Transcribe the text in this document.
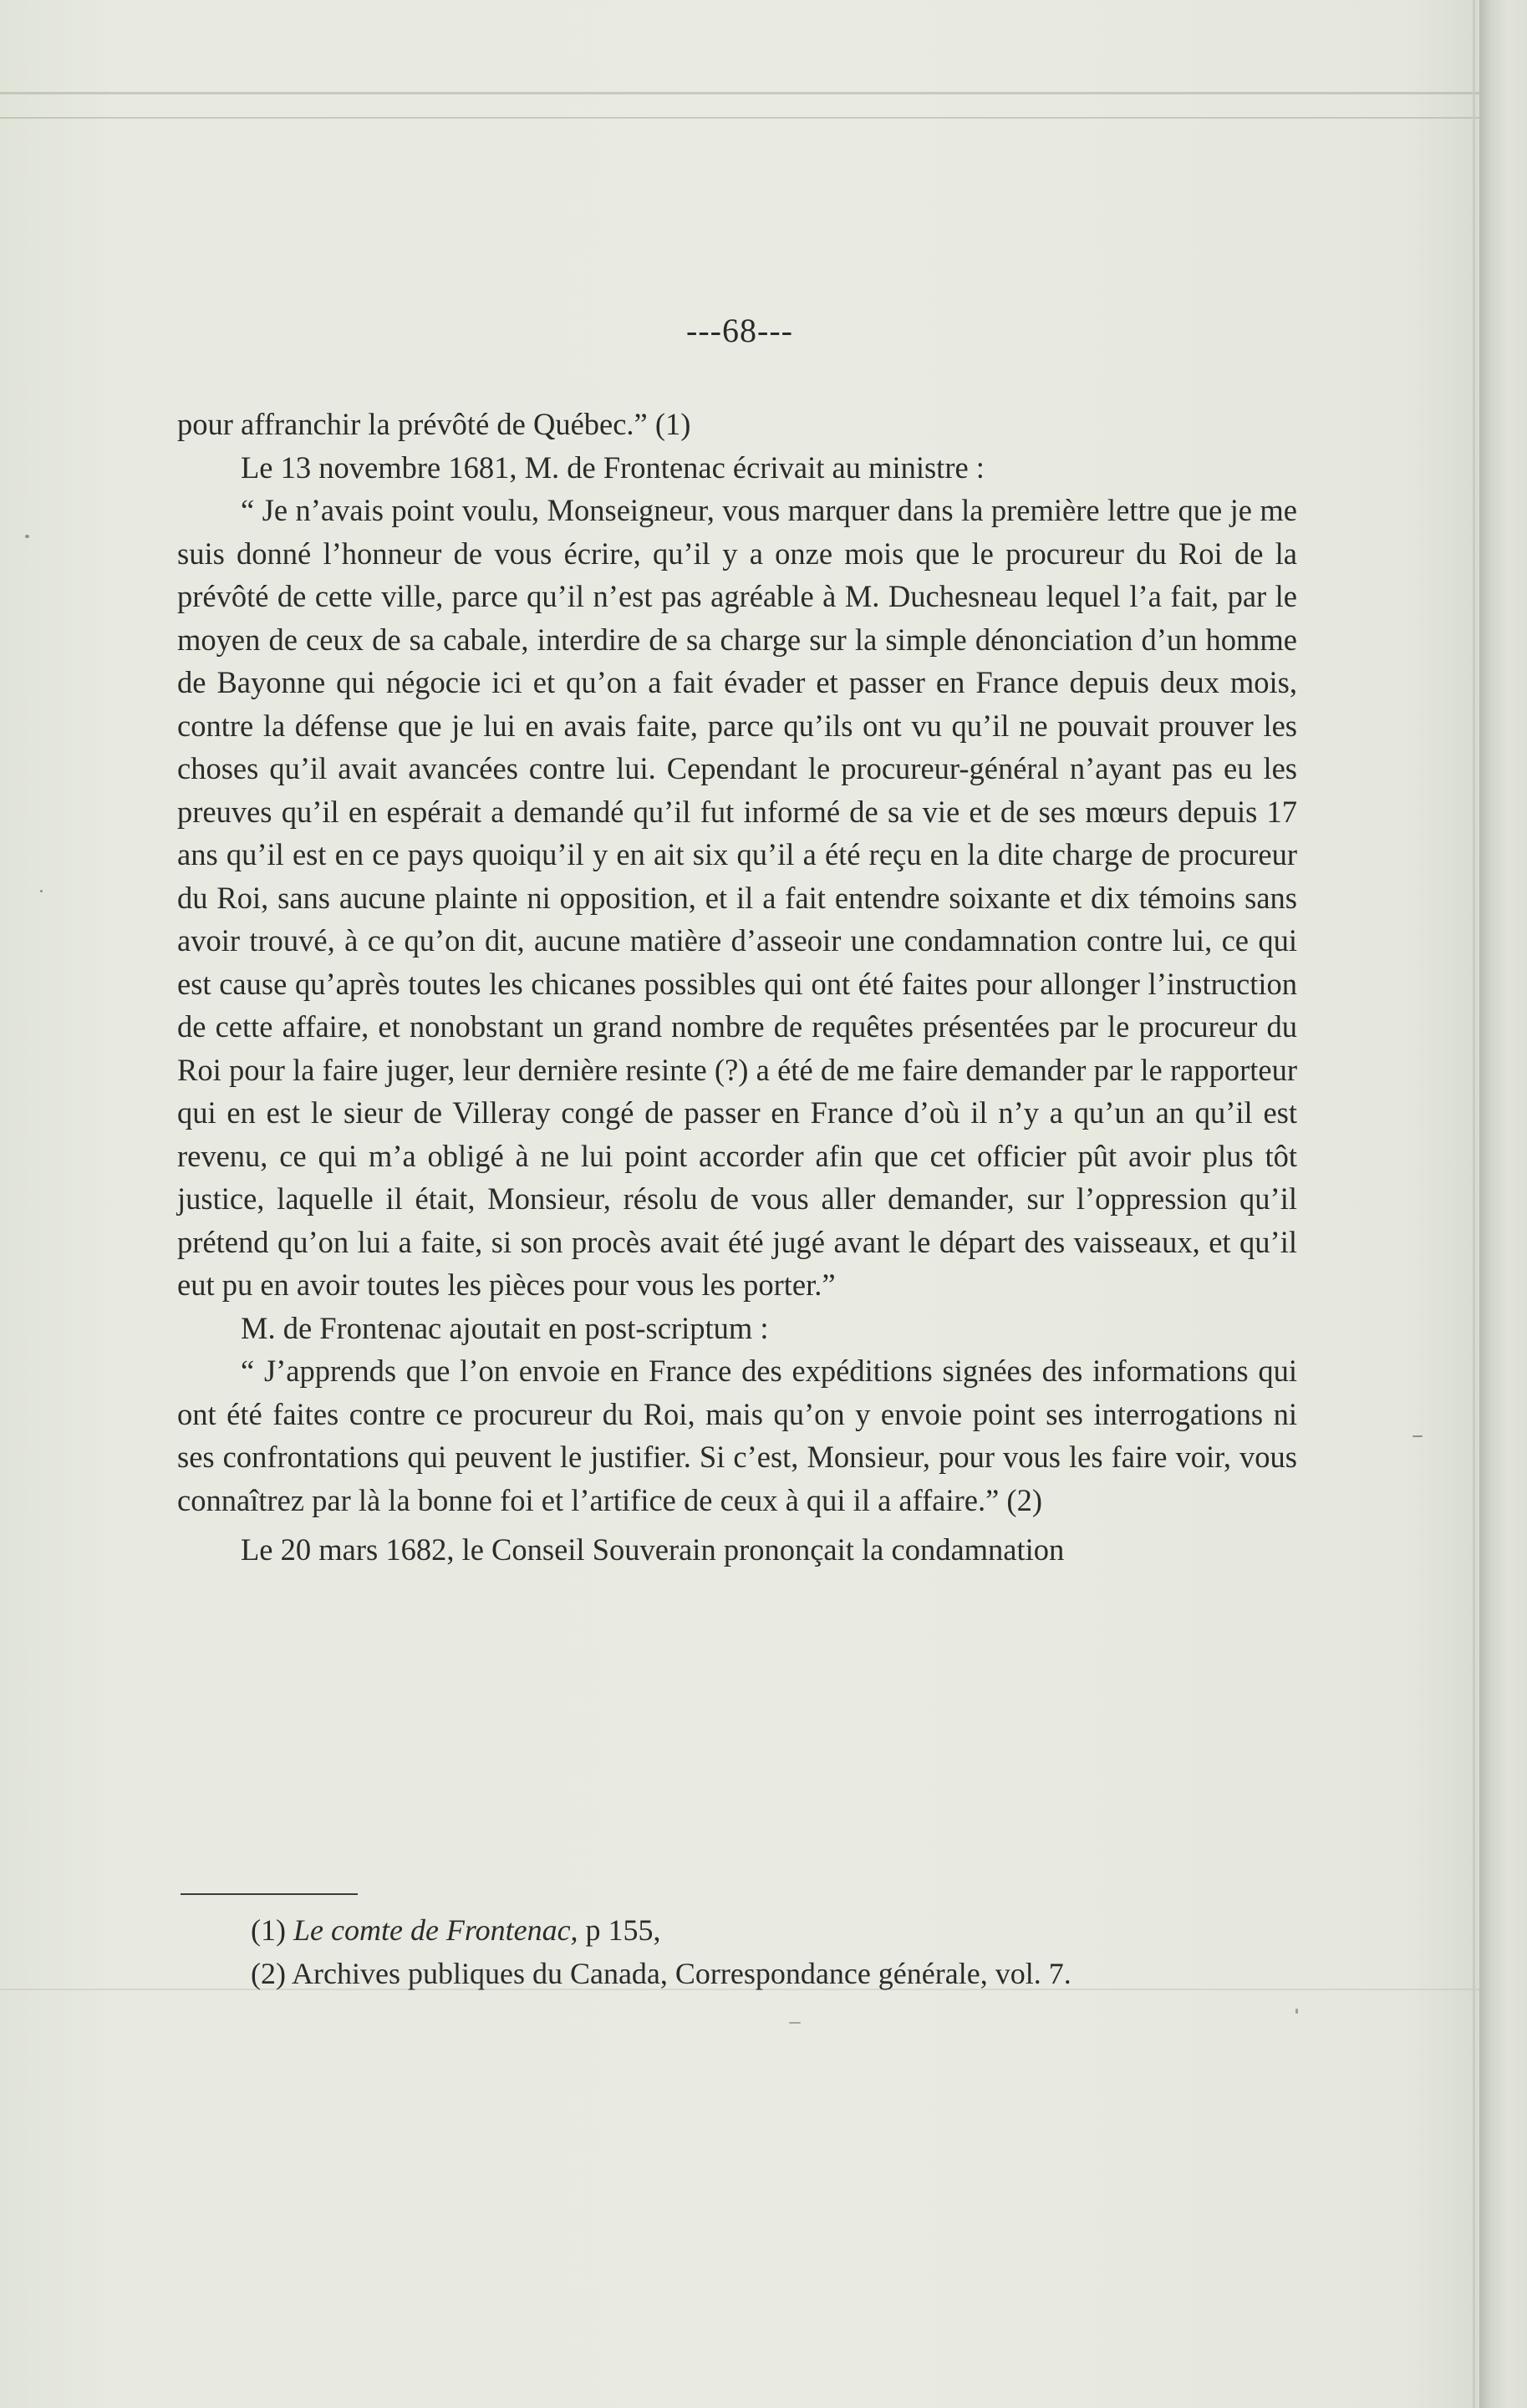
---68---

pour affranchir la prévôté de Québec.” (1)

Le 13 novembre 1681, M. de Frontenac écrivait au ministre :

“ Je n’avais point voulu, Monseigneur, vous marquer dans la première lettre que je me suis donné l’honneur de vous écrire, qu’il y a onze mois que le procureur du Roi de la prévôté de cette ville, parce qu’il n’est pas agréable à M. Duchesneau lequel l’a fait, par le moyen de ceux de sa cabale, interdire de sa charge sur la simple dénonciation d’un homme de Bayonne qui négocie ici et qu’on a fait évader et passer en France depuis deux mois, contre la défense que je lui en avais faite, parce qu’ils ont vu qu’il ne pouvait prouver les choses qu’il avait avancées contre lui. Cependant le procureur-général n’ayant pas eu les preuves qu’il en espérait a demandé qu’il fut informé de sa vie et de ses mœurs depuis 17 ans qu’il est en ce pays quoiqu’il y en ait six qu’il a été reçu en la dite charge de procureur du Roi, sans aucune plainte ni opposition, et il a fait entendre soixante et dix témoins sans avoir trouvé, à ce qu’on dit, aucune matière d’asseoir une condamnation contre lui, ce qui est cause qu’après toutes les chicanes possibles qui ont été faites pour allonger l’instruction de cette affaire, et nonobstant un grand nombre de requêtes présentées par le procureur du Roi pour la faire juger, leur dernière resinte (?) a été de me faire demander par le rapporteur qui en est le sieur de Villeray congé de passer en France d’où il n’y a qu’un an qu’il est revenu, ce qui m’a obligé à ne lui point accorder afin que cet officier pût avoir plus tôt justice, laquelle il était, Monsieur, résolu de vous aller demander, sur l’oppression qu’il prétend qu’on lui a faite, si son procès avait été jugé avant le départ des vaisseaux, et qu’il eut pu en avoir toutes les pièces pour vous les porter.”

M. de Frontenac ajoutait en post-scriptum :

“ J’apprends que l’on envoie en France des expéditions signées des informations qui ont été faites contre ce procureur du Roi, mais qu’on y envoie point ses interrogations ni ses confrontations qui peuvent le justifier. Si c’est, Monsieur, pour vous les faire voir, vous connaîtrez par là la bonne foi et l’artifice de ceux à qui il a affaire.” (2)

Le 20 mars 1682, le Conseil Souverain prononçait la condamnation

(1) Le comte de Frontenac, p 155,

(2) Archives publiques du Canada, Correspondance générale, vol. 7.
